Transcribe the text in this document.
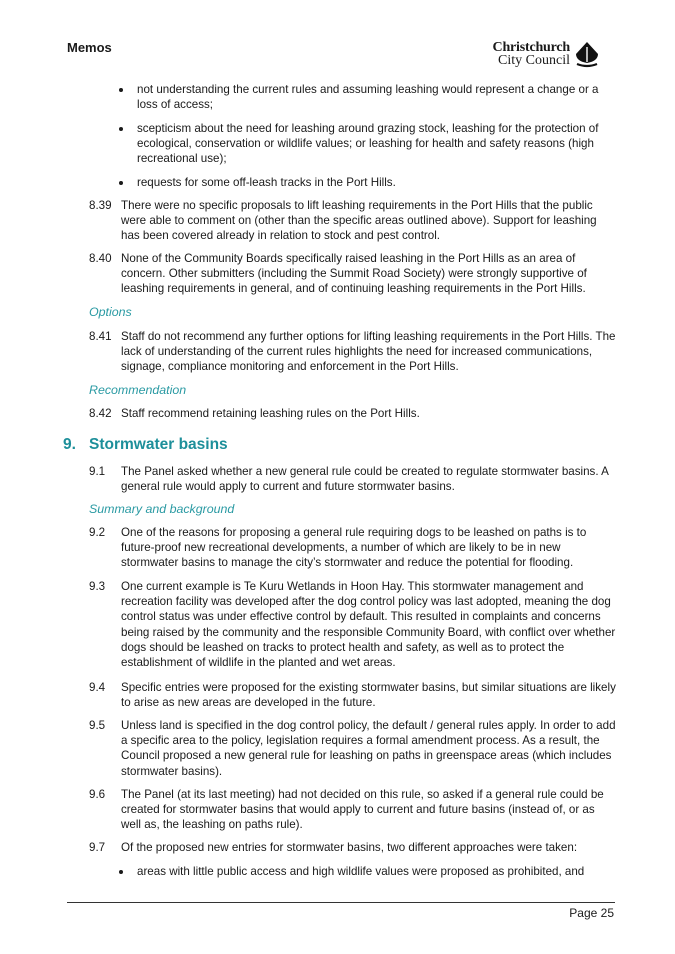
Memos	Christchurch
City Council
not understanding the current rules and assuming leashing would represent a change or a loss of access;
scepticism about the need for leashing around grazing stock, leashing for the protection of ecological, conservation or wildlife values; or leashing for health and safety reasons (high recreational use);
requests for some off-leash tracks in the Port Hills.
8.39 There were no specific proposals to lift leashing requirements in the Port Hills that the public were able to comment on (other than the specific areas outlined above). Support for leashing has been covered already in relation to stock and pest control.
8.40 None of the Community Boards specifically raised leashing in the Port Hills as an area of concern. Other submitters (including the Summit Road Society) were strongly supportive of leashing requirements in general, and of continuing leashing requirements in the Port Hills.
Options
8.41 Staff do not recommend any further options for lifting leashing requirements in the Port Hills. The lack of understanding of the current rules highlights the need for increased communications, signage, compliance monitoring and enforcement in the Port Hills.
Recommendation
8.42 Staff recommend retaining leashing rules on the Port Hills.
9. Stormwater basins
9.1 The Panel asked whether a new general rule could be created to regulate stormwater basins. A general rule would apply to current and future stormwater basins.
Summary and background
9.2 One of the reasons for proposing a general rule requiring dogs to be leashed on paths is to future-proof new recreational developments, a number of which are likely to be in new stormwater basins to manage the city’s stormwater and reduce the potential for flooding.
9.3 One current example is Te Kuru Wetlands in Hoon Hay. This stormwater management and recreation facility was developed after the dog control policy was last adopted, meaning the dog control status was under effective control by default. This resulted in complaints and concerns being raised by the community and the responsible Community Board, with conflict over whether dogs should be leashed on tracks to protect health and safety, as well as to protect the establishment of wildlife in the planted and wet areas.
9.4 Specific entries were proposed for the existing stormwater basins, but similar situations are likely to arise as new areas are developed in the future.
9.5 Unless land is specified in the dog control policy, the default / general rules apply. In order to add a specific area to the policy, legislation requires a formal amendment process. As a result, the Council proposed a new general rule for leashing on paths in greenspace areas (which includes stormwater basins).
9.6 The Panel (at its last meeting) had not decided on this rule, so asked if a general rule could be created for stormwater basins that would apply to current and future basins (instead of, or as well as, the leashing on paths rule).
9.7 Of the proposed new entries for stormwater basins, two different approaches were taken:
areas with little public access and high wildlife values were proposed as prohibited, and
Page 25
